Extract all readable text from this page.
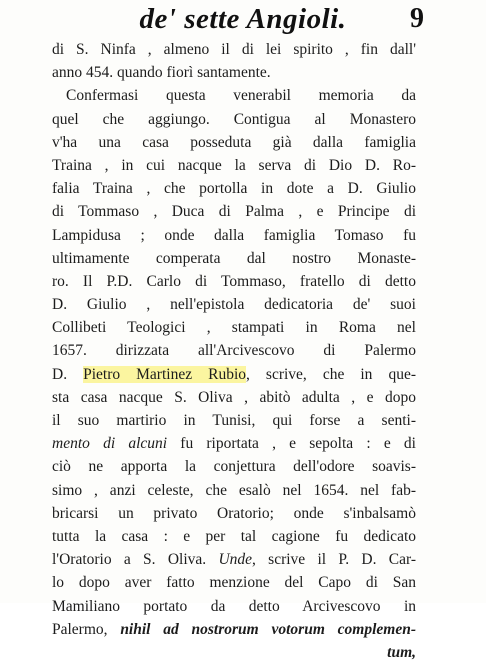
de' sette Angioli.	9
di S. Ninfa , almeno il di lei spirito , fin dall'
anno 454. quando fiorì santamente.
Confermasi questa venerabil memoria da
quel che aggiungo. Contigua al Monastero
v'ha una casa posseduta già dalla famiglia
Traina , in cui nacque la serva di Dio D. Ro-
falia Traina , che portolla in dote a D. Giulio
di Tommaso , Duca di Palma , e Principe di
Lampidusa ; onde dalla famiglia Tomaso fu
ultimamente comperata dal nostro Monaste-
ro. Il P.D. Carlo di Tommaso, fratello di detto
D. Giulio , nell'epistola dedicatoria de' suoi
Collibeti Teologici , stampati in Roma nel
1657. dirizzata all'Arcivescovo di Palermo
D. Pietro Martinez Rubio, scrive, che in que-
sta casa nacque S. Oliva , abitò adulta , e dopo
il suo martirio in Tunisi, qui forse a senti-
mento di alcuni fu riportata , e sepolta : e di
ciò ne apporta la conjettura dell'odore soavis-
simo , anzi celeste, che esalò nel 1654. nel fab-
bricarsi un privato Oratorio; onde s'inbalsamò
tutta la casa : e per tal cagione fu dedicato
l'Oratorio a S. Oliva. Unde, scrive il P. D. Car-
lo dopo aver fatto menzione del Capo di San
Mamiliano portato da detto Arcivescovo in
Palermo, nihil ad nostrorum votorum complemen-
tum,
